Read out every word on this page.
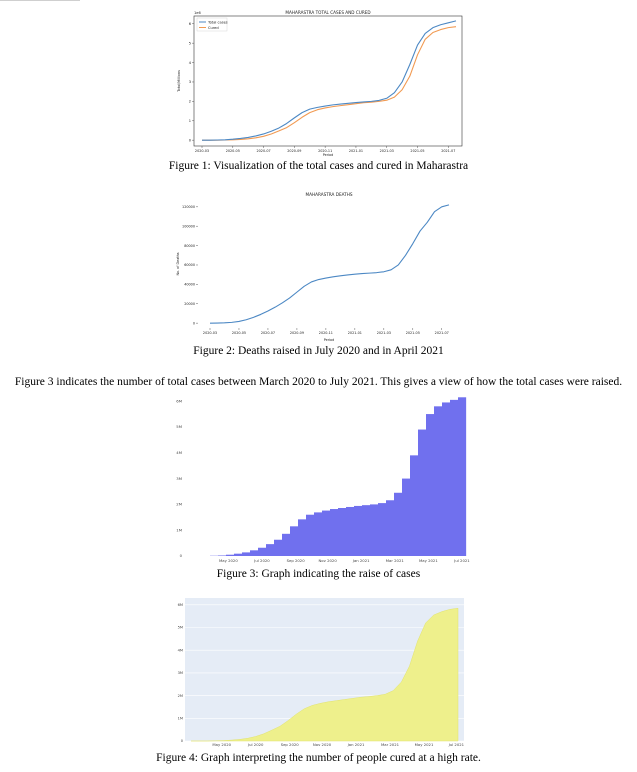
MAHARASTRA TOTAL CASES AND CURED
1e6
Total/Millions
Period
0
1
2
3
4
5
6
2020-03	2020-05	2020-07	2020-09	2020-11	2021-01	2021-03	2021-05	2021-07
Total cases
Cured
Figure 1: Visualization of the total cases and cured in Maharastra
MAHARASTRA DEATHS
No. of Deaths
Period
0
20000
40000
60000
80000
100000
120000
2020-03	2020-05	2020-07	2020-09	2020-11	2021-01	2021-03	2021-05	2021-07
Figure 2: Deaths raised in July 2020 and in April 2021
Figure 3 indicates the number of total cases between March 2020 to July 2021. This gives a view of how the total cases were raised.
0
1M
2M
3M
4M
5M
6M
May 2020	Jul 2020	Sep 2020	Nov 2020	Jan 2021	Mar 2021	May 2021	Jul 2021
Figure 3: Graph indicating the raise of cases
0
1M
2M
3M
4M
5M
6M
May 2020	Jul 2020	Sep 2020	Nov 2020	Jan 2021	Mar 2021	May 2021	Jul 2021
Figure 4: Graph interpreting the number of people cured at a high rate.
